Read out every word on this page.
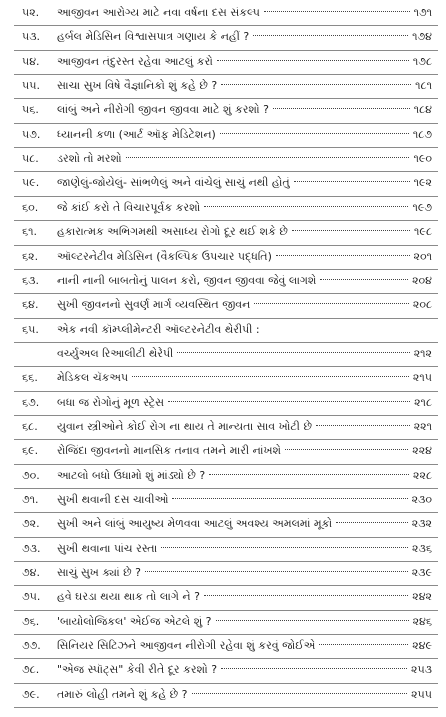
૫૨. આજીવન આરોગ્ય માટે નવા વર્ષના દસ સંકલ્પ	૧૭૧
૫૩. હર્બલ મેડિસિન વિશ્વાસપાત્ર ગણાય કે નહીં ?	૧૭૪
૫૪. આજીવન તંદુરસ્ત રહેવા આટલું કરો	૧૭૮
૫૫. સાચા સુખ વિષે વૈજ્ઞાનિકો શું કહે છે ?	૧૮૧
૫૬. લાંબું અને નીરોગી જીવન જીવવા માટે શું કરશો ?	૧૮૪
૫૭. ધ્યાનની કળા (આર્ટ ઑફ મેડિટેશન)	૧૮૭
૫૮. ડરશો તો મરશો	૧૯૦
૫૯. જાણેલું-જોયેલું- સાંભળેલું અને વાંચેલું સાચું નથી હોતું	૧૯૨
૬૦. જે કાંઈ કરો તે વિચારપૂર્વક કરશો	૧૯૭
૬૧. હકારાત્મક અભિગમથી અસાધ્ય રોગો દૂર થઈ શકે છે	૧૯૮
૬૨. ઑલ્ટરનેટીવ મેડિસિન (વૈકલ્પિક ઉપચાર પદ્ધતિ)	૨૦૧
૬૩. નાની નાની બાબતોનું પાલન કરો, જીવન જીવવા જેવું લાગશે	૨૦૪
૬૪. સુખી જીવનનો સુવર્ણ માર્ગ વ્યવસ્થિત જીવન	૨૦૮
૬૫. એક નવી કૉમ્પ્લીમેન્ટરી ઑલ્ટરનેટીવ થેરીપી :
વર્ચ્યુઅલ રિઆલીટી થેરેપી	૨૧૨
૬૬. મેડિકલ ચૅકઅપ	૨૧૫
૬૭. બધા જ રોગોનું મૂળ સ્ટ્રેસ	૨૧૮
૬૮. યુવાન સ્ત્રીઓને કોઈ રોગ ના થાય તે માન્યતા સાવ ખોટી છે	૨૨૧
૬૯. રોજિંદા જીવનનો માનસિક તનાવ તમને મારી નાંખશે	૨૨૪
૭૦. આટલો બધો ઉધામો શું માંડ્યો છે ?	૨૨૮
૭૧. સુખી થવાની દસ ચાવીઓ	૨૩૦
૭૨. સુખી અને લાંબું આયુષ્ય મેળવવા આટલું અવશ્ય અમલમાં મૂકો	૨૩૨
૭૩. સુખી થવાના પાંચ રસ્તા	૨૩૬
૭૪. સાચું સુખ ક્યાં છે ?	૨૩૯
૭૫. હવે ઘરડા થયા થાક તો લાગે ને ?	૨૪૨
૭૬. 'બાયોલોજિકલ' એઈજ એટલે શું ?	૨૪૬
૭૭. સિનિયર સિટિઝને આજીવન નીરોગી રહેવા શું કરવું જોઈએ	૨૪૯
૭૮. "એજ સ્પૉટ્સ" કેવી રીતે દૂર કરશો ?	૨૫૩
૭૯. તમારું લોહી તમને શું કહે છે ?	૨૫૫
